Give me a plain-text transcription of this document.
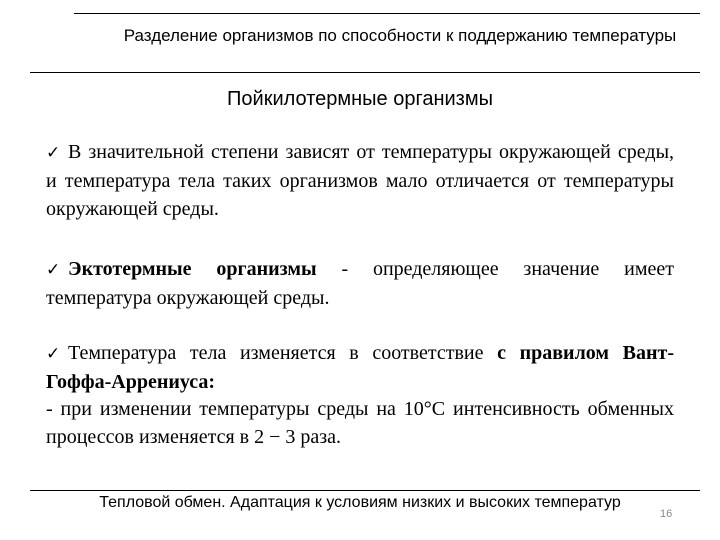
Разделение организмов по способности к поддержанию температуры
Пойкилотермные организмы
✓ В значительной степени зависят от температуры окружающей среды, и температура тела таких организмов мало отличается от температуры окружающей среды.
✓ Эктотермные организмы - определяющее значение имеет температура окружающей среды.
✓ Температура тела изменяется в соответствие с правилом Вант-Гоффа-Аррениуса:
- при изменении температуры среды на 10°С интенсивность обменных процессов изменяется в 2 − 3 раза.
Тепловой обмен. Адаптация к условиям низких и высоких температур
16
